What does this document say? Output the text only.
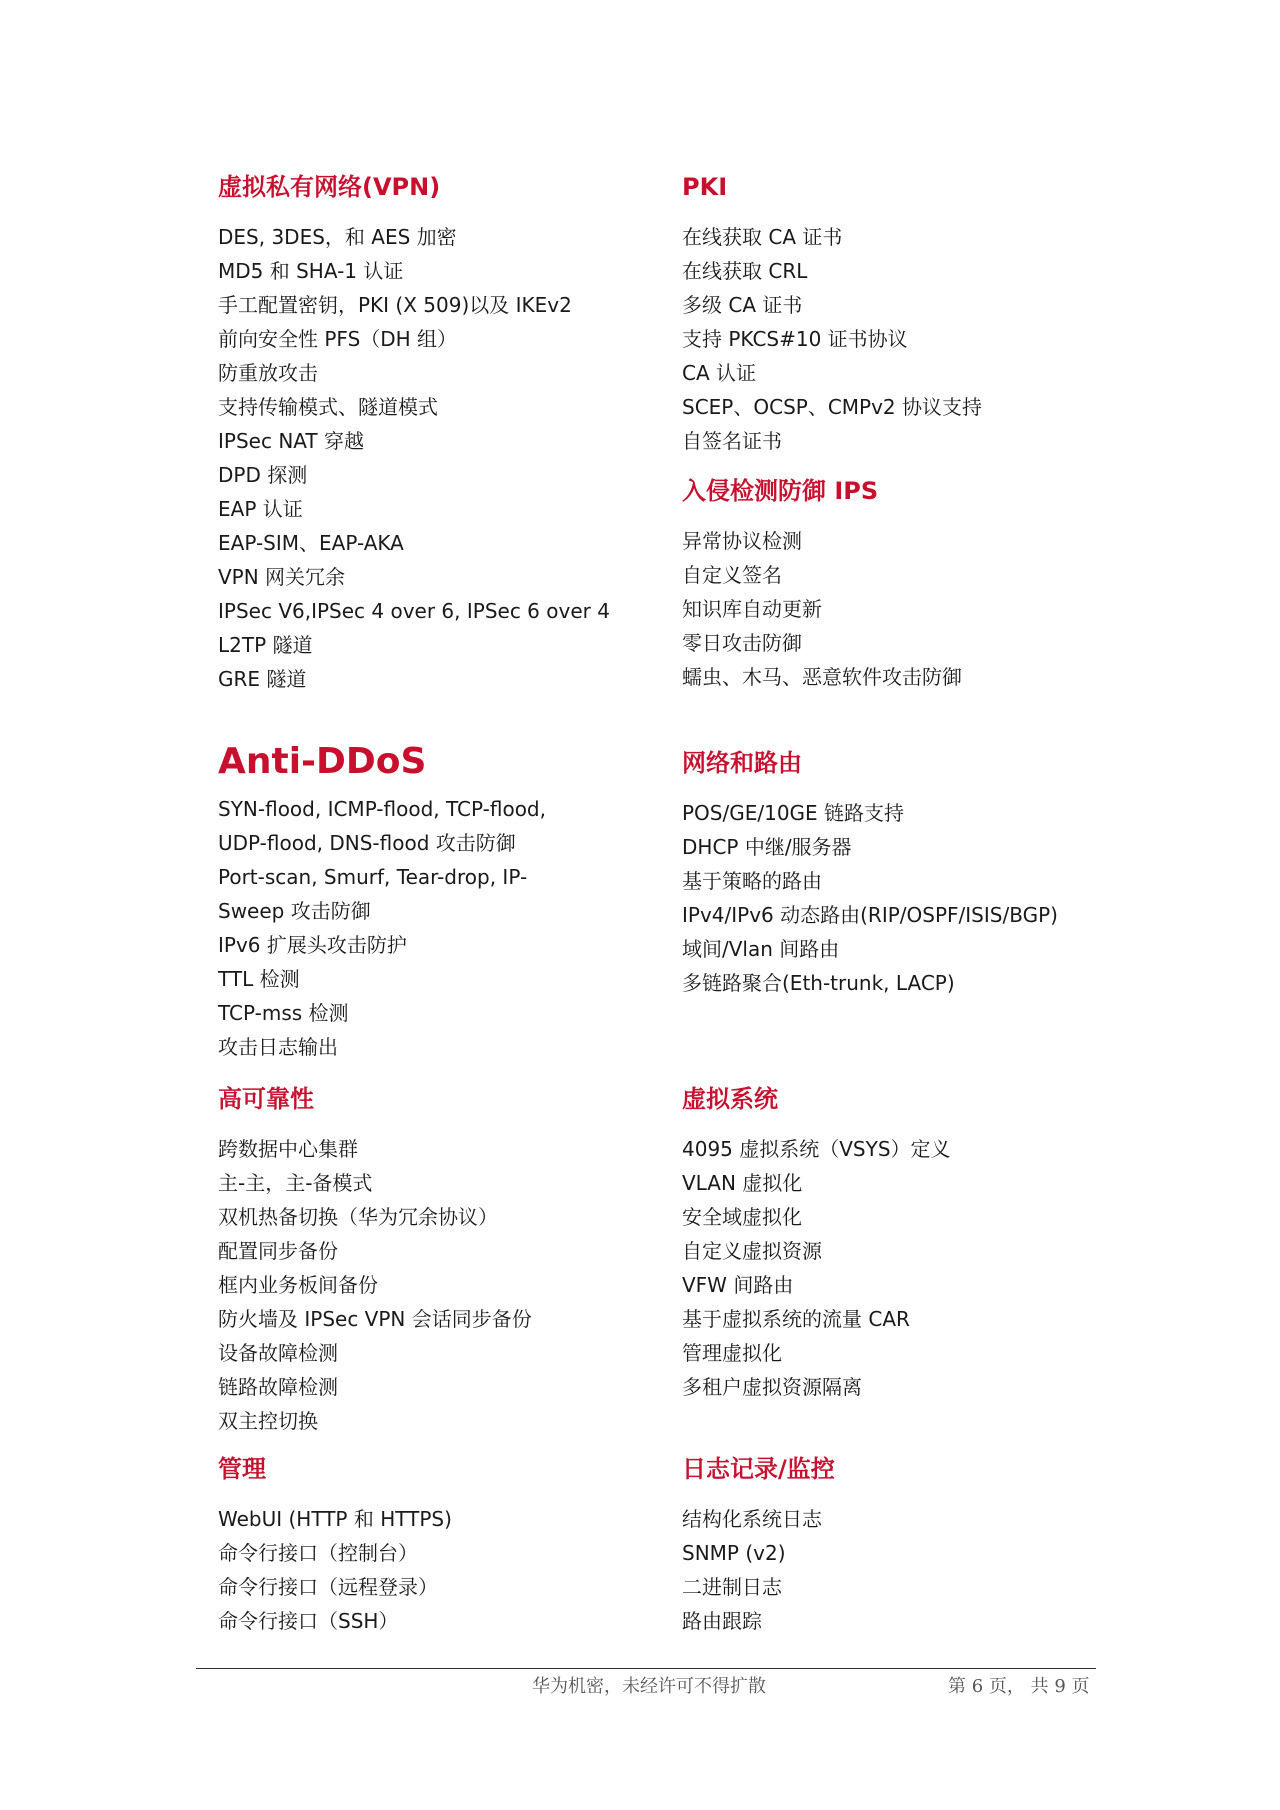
虚拟私有网络(VPN)

DES, 3DES，和 AES 加密

MD5 和 SHA-1 认证

手工配置密钥，PKI (X 509)以及 IKEv2

前向安全性 PFS（DH 组）

防重放攻击

支持传输模式、隧道模式

IPSec NAT 穿越

DPD 探测

EAP 认证

EAP-SIM、EAP-AKA

VPN 网关冗余

IPSec V6,IPSec 4 over 6, IPSec 6 over 4

L2TP 隧道

GRE 隧道

PKI

在线获取 CA 证书

在线获取 CRL

多级 CA 证书

支持 PKCS#10 证书协议

CA 认证

SCEP、OCSP、CMPv2 协议支持

自签名证书

入侵检测防御 IPS

异常协议检测

自定义签名

知识库自动更新

零日攻击防御

蠕虫、木马、恶意软件攻击防御

Anti-DDoS

SYN-flood, ICMP-flood, TCP-flood,

UDP-flood, DNS-flood 攻击防御

Port-scan, Smurf, Tear-drop, IP-

Sweep 攻击防御

IPv6 扩展头攻击防护

TTL 检测

TCP-mss 检测

攻击日志输出

网络和路由

POS/GE/10GE 链路支持

DHCP 中继/服务器

基于策略的路由

IPv4/IPv6 动态路由(RIP/OSPF/ISIS/BGP)

域间/Vlan 间路由

多链路聚合(Eth-trunk, LACP)

高可靠性

跨数据中心集群

主-主，主-备模式

双机热备切换（华为冗余协议）

配置同步备份

框内业务板间备份

防火墙及 IPSec VPN 会话同步备份

设备故障检测

链路故障检测

双主控切换

虚拟系统

4095 虚拟系统（VSYS）定义

VLAN 虚拟化

安全域虚拟化

自定义虚拟资源

VFW 间路由

基于虚拟系统的流量 CAR

管理虚拟化

多租户虚拟资源隔离

管理

WebUI (HTTP 和 HTTPS)

命令行接口（控制台）

命令行接口（远程登录）

命令行接口（SSH）

日志记录/监控

结构化系统日志

SNMP (v2)

二进制日志

路由跟踪

华为机密，未经许可不得扩散	第 6 页， 共 9 页
